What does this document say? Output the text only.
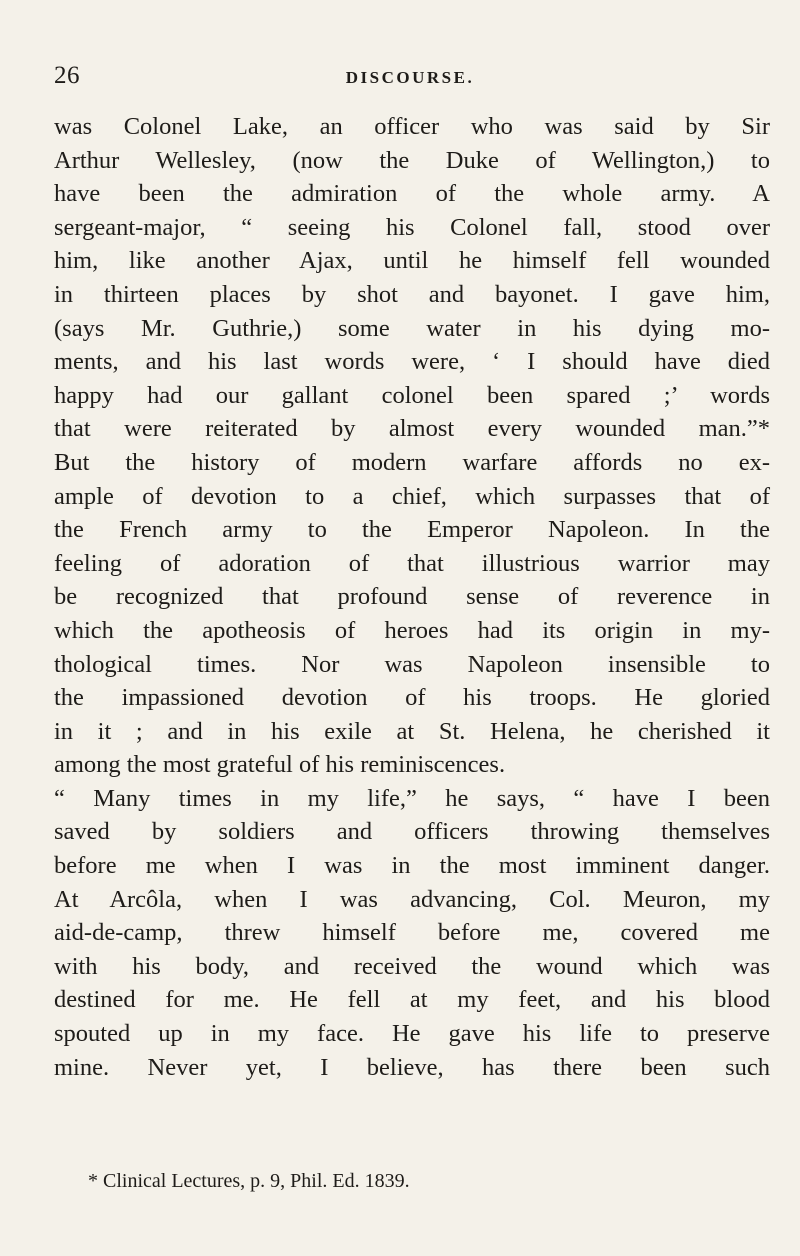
26	DISCOURSE.
was Colonel Lake, an officer who was said by Sir
Arthur Wellesley, (now the Duke of Wellington,) to
have been the admiration of the whole army. A
sergeant-major, “ seeing his Colonel fall, stood over
him, like another Ajax, until he himself fell wounded
in thirteen places by shot and bayonet. I gave him,
(says Mr. Guthrie,) some water in his dying mo-
ments, and his last words were, ‘ I should have died
happy had our gallant colonel been spared ;’ words
that were reiterated by almost every wounded man.”*
But the history of modern warfare affords no ex-
ample of devotion to a chief, which surpasses that of
the French army to the Emperor Napoleon. In the
feeling of adoration of that illustrious warrior may
be recognized that profound sense of reverence in
which the apotheosis of heroes had its origin in my-
thological times. Nor was Napoleon insensible to
the impassioned devotion of his troops. He gloried
in it ; and in his exile at St. Helena, he cherished it
among the most grateful of his reminiscences.
“ Many times in my life,” he says, “ have I been
saved by soldiers and officers throwing themselves
before me when I was in the most imminent danger.
At Arcôla, when I was advancing, Col. Meuron, my
aid-de-camp, threw himself before me, covered me
with his body, and received the wound which was
destined for me. He fell at my feet, and his blood
spouted up in my face. He gave his life to preserve
mine. Never yet, I believe, has there been such
* Clinical Lectures, p. 9, Phil. Ed. 1839.
